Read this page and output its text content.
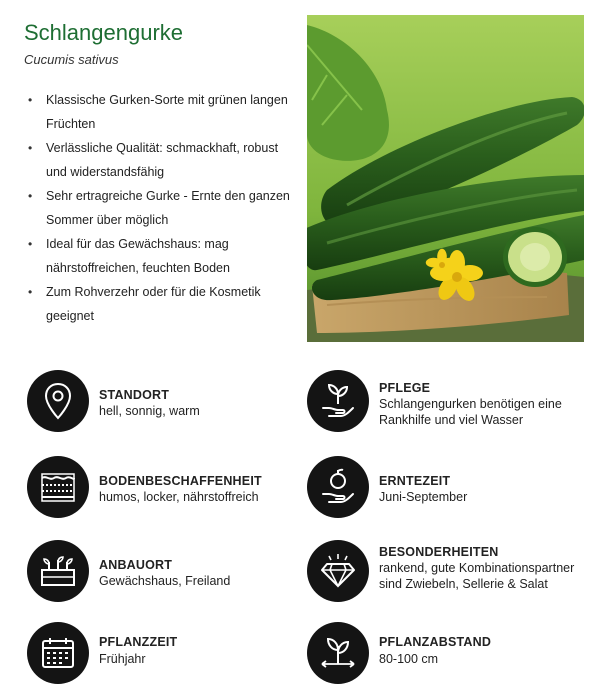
Schlangengurke

Cucumis sativus

• Klassische Gurken-Sorte mit grünen langen Früchten
• Verlässliche Qualität: schmackhaft, robust und widerstandsfähig
• Sehr ertragreiche Gurke - Ernte den ganzen Sommer über möglich
• Ideal für das Gewächshaus: mag nährstoffreichen, feuchten Boden
• Zum Rohverzehr oder für die Kosmetik geeignet
STANDORT
hell, sonnig, warm
PFLEGE
Schlangengurken benötigen eine Rankhilfe und viel Wasser
BODENBESCHAFFENHEIT
humos, locker, nährstoffreich
ERNTEZEIT
Juni-September
ANBAUORT
Gewächshaus, Freiland
BESONDERHEITEN
rankend, gute Kombinationspartner sind Zwiebeln, Sellerie & Salat
PFLANZZEIT
Frühjahr
PFLANZABSTAND
80-100 cm
